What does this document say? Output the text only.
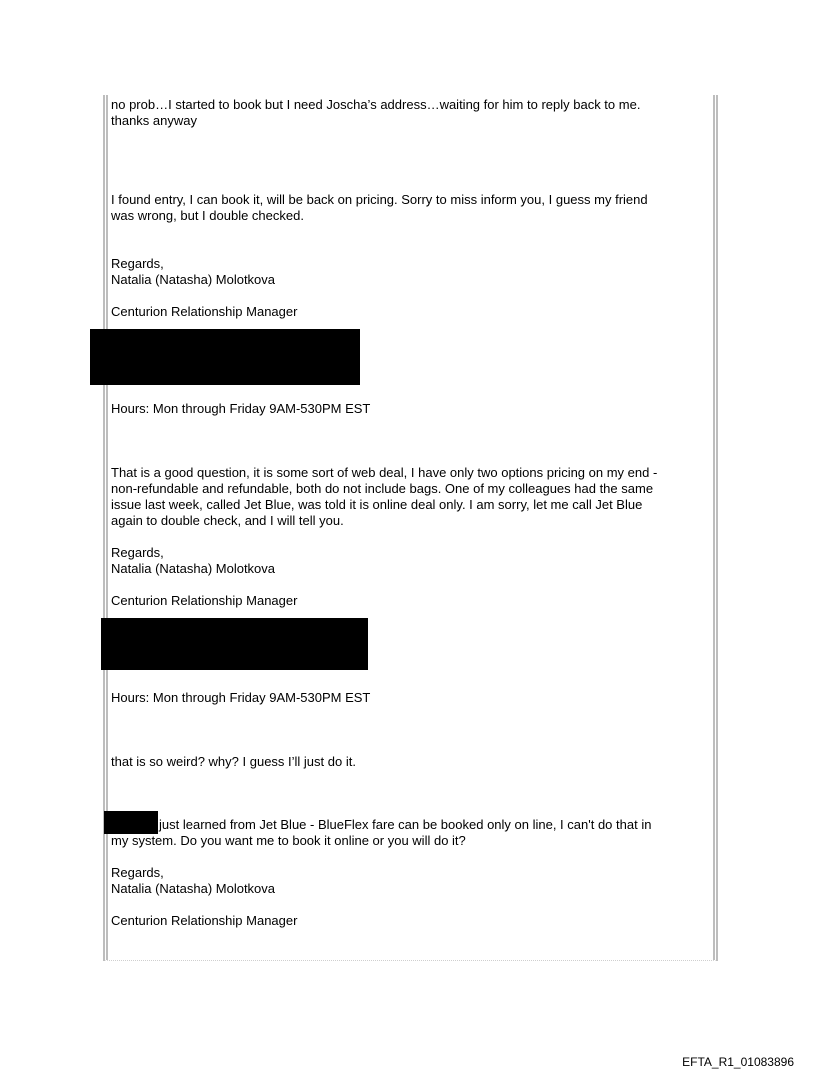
no prob…I started to book but I need Joscha’s address…waiting for him to reply back to me.
thanks anyway
I found entry, I can book it, will be back on pricing. Sorry to miss inform you, I guess my friend
was wrong, but I double checked.
Regards,
Natalia (Natasha) Molotkova
Centurion Relationship Manager
Hours: Mon through Friday 9AM-530PM EST
That is a good question, it is some sort of web deal, I have only two options pricing on my end -
non-refundable and refundable, both do not include bags. One of my colleagues had the same
issue last week, called Jet Blue, was told it is online deal only. I am sorry, let me call Jet Blue
again to double check, and I will tell you.
Regards,
Natalia (Natasha) Molotkova
Centurion Relationship Manager
Hours: Mon through Friday 9AM-530PM EST
that is so weird? why? I guess I’ll just do it.
just learned from Jet Blue - BlueFlex fare can be booked only on line, I can't do that in
my system. Do you want me to book it online or you will do it?
Regards,
Natalia (Natasha) Molotkova
Centurion Relationship Manager
EFTA_R1_01083896
